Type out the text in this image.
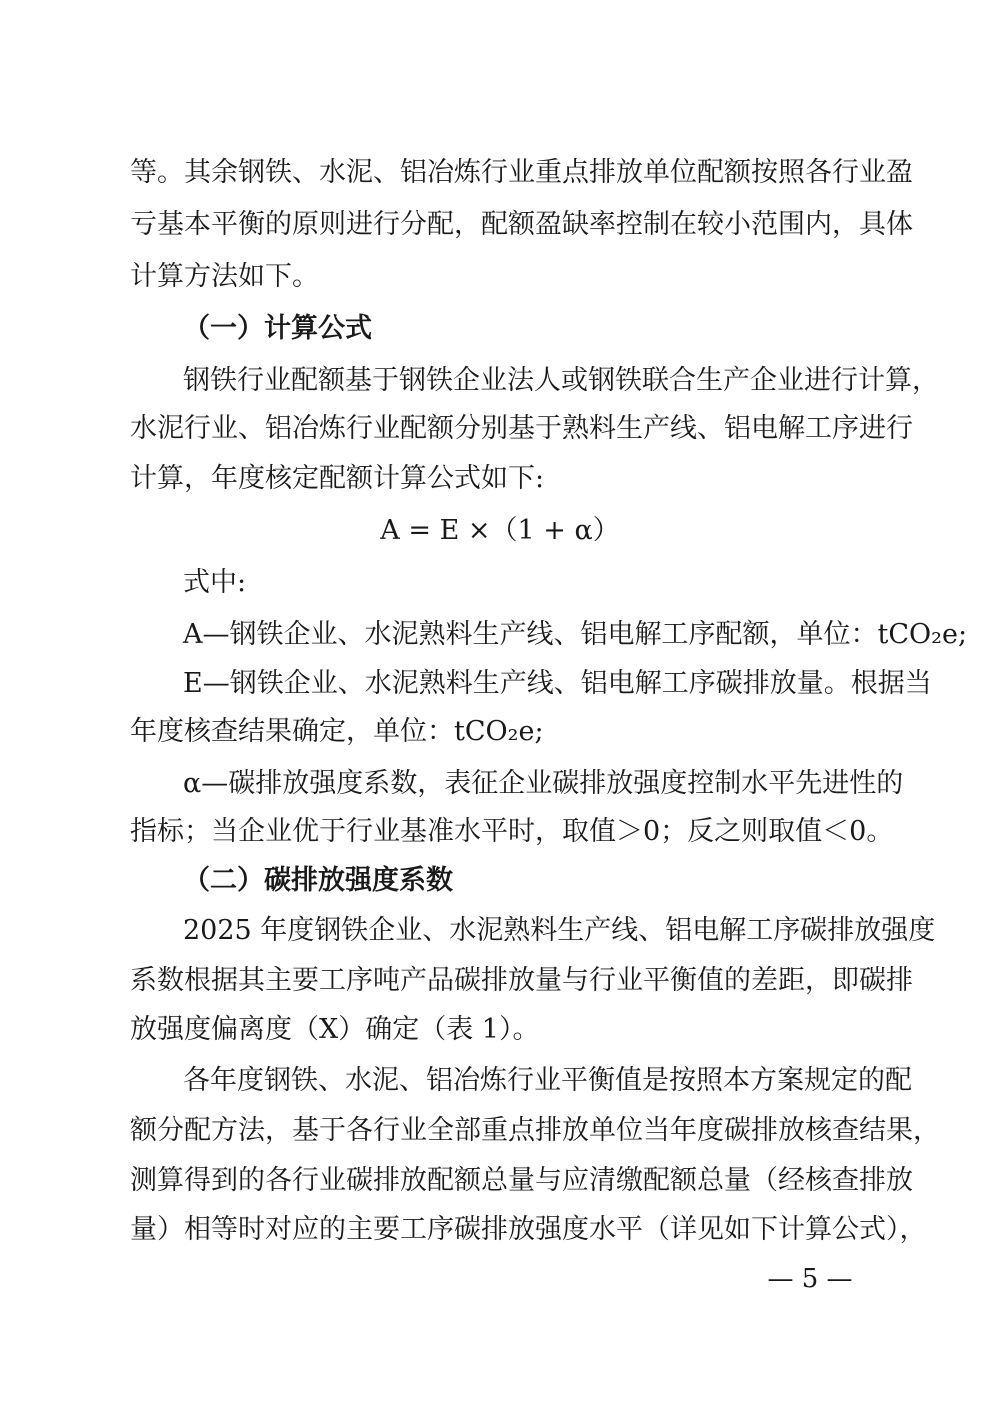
等。其余钢铁、水泥、铝冶炼行业重点排放单位配额按照各行业盈
亏基本平衡的原则进行分配，配额盈缺率控制在较小范围内，具体
计算方法如下。
（一）计算公式
钢铁行业配额基于钢铁企业法人或钢铁联合生产企业进行计算，
水泥行业、铝冶炼行业配额分别基于熟料生产线、铝电解工序进行
计算，年度核定配额计算公式如下:
A = E ×（1 + α）
式中:
A—钢铁企业、水泥熟料生产线、铝电解工序配额，单位：tCO₂e;
E—钢铁企业、水泥熟料生产线、铝电解工序碳排放量。根据当
年度核查结果确定，单位：tCO₂e;
α—碳排放强度系数，表征企业碳排放强度控制水平先进性的
指标；当企业优于行业基准水平时，取值＞0；反之则取值＜0。
（二）碳排放强度系数
2025 年度钢铁企业、水泥熟料生产线、铝电解工序碳排放强度
系数根据其主要工序吨产品碳排放量与行业平衡值的差距，即碳排
放强度偏离度（X）确定（表 1）。
各年度钢铁、水泥、铝冶炼行业平衡值是按照本方案规定的配
额分配方法，基于各行业全部重点排放单位当年度碳排放核查结果，
测算得到的各行业碳排放配额总量与应清缴配额总量（经核查排放
量）相等时对应的主要工序碳排放强度水平（详见如下计算公式），
— 5 —
